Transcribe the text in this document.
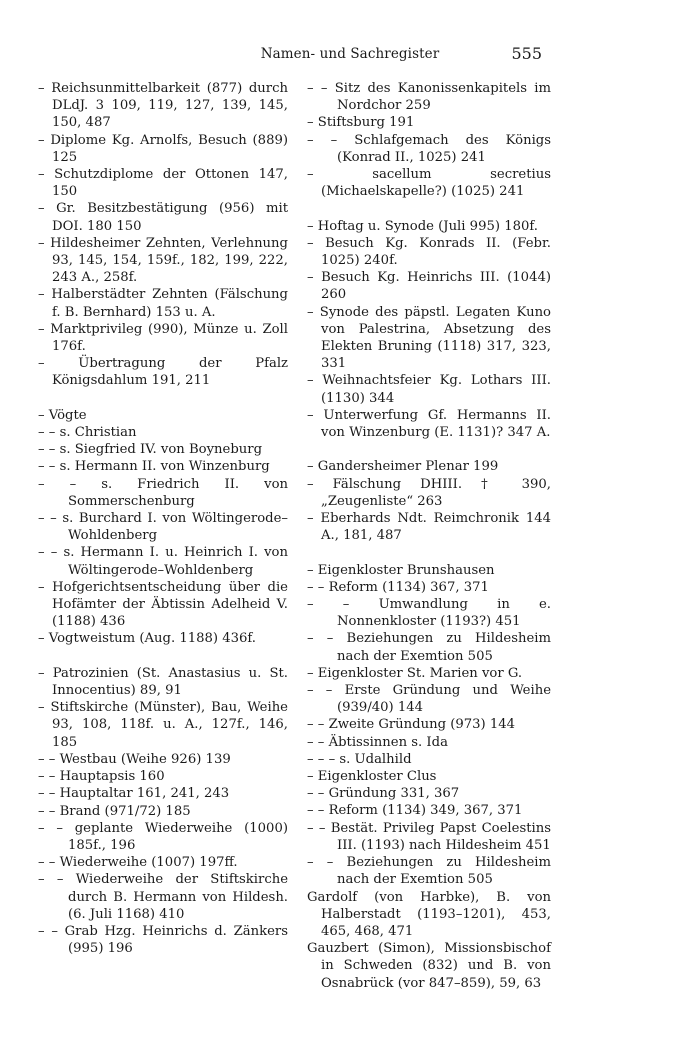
Namen- und Sachregister	555
– Reichsunmittelbarkeit (877) durch DLdJ. 3 109, 119, 127, 139, 145, 150, 487
– Diplome Kg. Arnolfs, Besuch (889) 125
– Schutzdiplome der Ottonen 147, 150
– Gr. Besitzbestätigung (956) mit DOI. 180 150
– Hildesheimer Zehnten, Verlehnung 93, 145, 154, 159f., 182, 199, 222, 243 A., 258f.
– Halberstädter Zehnten (Fälschung f. B. Bernhard) 153 u. A.
– Marktprivileg (990), Münze u. Zoll 176f.
– Übertragung der Pfalz Königsdahlum 191, 211
– Vögte
– – s. Christian
– – s. Siegfried IV. von Boyneburg
– – s. Hermann II. von Winzenburg
– – s. Friedrich II. von Sommerschenburg
– – s. Burchard I. von Wöltingerode–Wohldenberg
– – s. Hermann I. u. Heinrich I. von Wöltingerode–Wohldenberg
– Hofgerichtsentscheidung über die Hofämter der Äbtissin Adelheid V. (1188) 436
– Vogtweistum (Aug. 1188) 436f.
– Patrozinien (St. Anastasius u. St. Innocentius) 89, 91
– Stiftskirche (Münster), Bau, Weihe 93, 108, 118f. u. A., 127f., 146, 185
– – Westbau (Weihe 926) 139
– – Hauptapsis 160
– – Hauptaltar 161, 241, 243
– – Brand (971/72) 185
– – geplante Wiederweihe (1000) 185f., 196
– – Wiederweihe (1007) 197ff.
– – Wiederweihe der Stiftskirche durch B. Hermann von Hildesh. (6. Juli 1168) 410
– – Grab Hzg. Heinrichs d. Zänkers (995) 196
– – Sitz des Kanonissenkapitels im Nordchor 259
– Stiftsburg 191
– – Schlafgemach des Königs (Konrad II., 1025) 241
– sacellum secretius (Michaelskapelle?) (1025) 241
– Hoftag u. Synode (Juli 995) 180f.
– Besuch Kg. Konrads II. (Febr. 1025) 240f.
– Besuch Kg. Heinrichs III. (1044) 260
– Synode des päpstl. Legaten Kuno von Palestrina, Absetzung des Elekten Bruning (1118) 317, 323, 331
– Weihnachtsfeier Kg. Lothars III. (1130) 344
– Unterwerfung Gf. Hermanns II. von Winzenburg (E. 1131)? 347 A.
– Gandersheimer Plenar 199
– Fälschung DHIII. † 390, „Zeugenliste“ 263
– Eberhards Ndt. Reimchronik 144 A., 181, 487
– Eigenkloster Brunshausen
– – Reform (1134) 367, 371
– – Umwandlung in e. Nonnenkloster (1193?) 451
– – Beziehungen zu Hildesheim nach der Exemtion 505
– Eigenkloster St. Marien vor G.
– – Erste Gründung und Weihe (939/40) 144
– – Zweite Gründung (973) 144
– – Äbtissinnen s. Ida
– – – s. Udalhild
– Eigenkloster Clus
– – Gründung 331, 367
– – Reform (1134) 349, 367, 371
– – Bestät. Privileg Papst Coelestins III. (1193) nach Hildesheim 451
– – Beziehungen zu Hildesheim nach der Exemtion 505
Gardolf (von Harbke), B. von Halberstadt (1193–1201), 453, 465, 468, 471
Gauzbert (Simon), Missionsbischof in Schweden (832) und B. von Osnabrück (vor 847–859), 59, 63
